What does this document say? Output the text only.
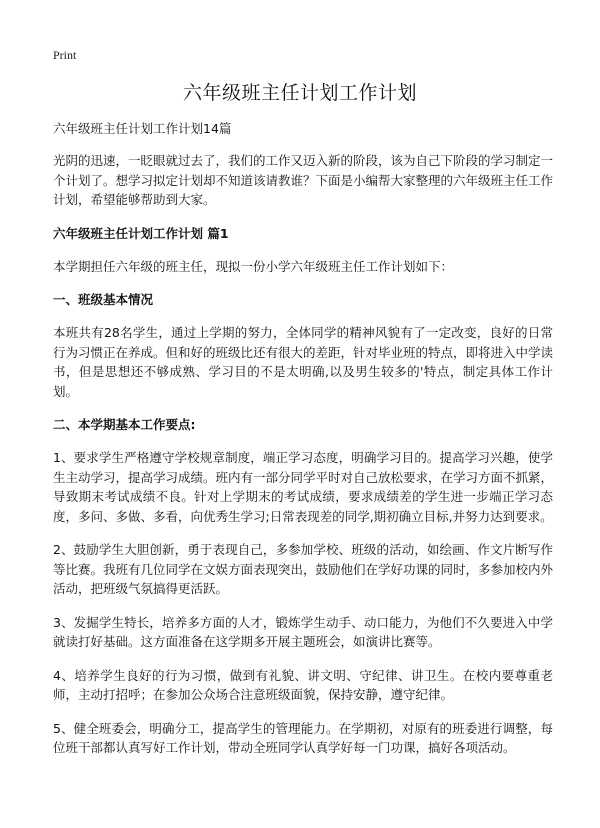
Print
六年级班主任计划工作计划
六年级班主任计划工作计划14篇

光阴的迅速，一眨眼就过去了，我们的工作又迈入新的阶段，该为自己下阶段的学习制定一个计划了。想学习拟定计划却不知道该请教谁？下面是小编帮大家整理的六年级班主任工作计划，希望能够帮助到大家。

六年级班主任计划工作计划 篇1

本学期担任六年级的班主任，现拟一份小学六年级班主任工作计划如下：

一、班级基本情况

本班共有28名学生，通过上学期的努力，全体同学的精神风貌有了一定改变，良好的日常行为习惯正在养成。但和好的班级比还有很大的差距，针对毕业班的特点，即将进入中学读书，但是思想还不够成熟、学习目的不是太明确,以及男生较多的'特点，制定具体工作计划。

二、本学期基本工作要点:

1、要求学生严格遵守学校规章制度，端正学习态度，明确学习目的。提高学习兴趣，使学生主动学习，提高学习成绩。班内有一部分同学平时对自己放松要求，在学习方面不抓紧，导致期末考试成绩不良。针对上学期末的考试成绩，要求成绩差的学生进一步端正学习态度，多问、多做、多看，向优秀生学习;日常表现差的同学,期初确立目标,并努力达到要求。

2、鼓励学生大胆创新，勇于表现自己，多参加学校、班级的活动，如绘画、作文片断写作等比赛。我班有几位同学在文娱方面表现突出，鼓励他们在学好功课的同时，多参加校内外活动，把班级气氛搞得更活跃。

3、发掘学生特长，培养多方面的人才，锻炼学生动手、动口能力，为他们不久要进入中学就读打好基础。这方面准备在这学期多开展主题班会，如演讲比赛等。

4、培养学生良好的行为习惯，做到有礼貌、讲文明、守纪律、讲卫生。在校内要尊重老师，主动打招呼；在参加公众场合注意班级面貌，保持安静，遵守纪律。

5、健全班委会，明确分工，提高学生的管理能力。在学期初，对原有的班委进行调整，每位班干部都认真写好工作计划，带动全班同学认真学好每一门功课，搞好各项活动。
